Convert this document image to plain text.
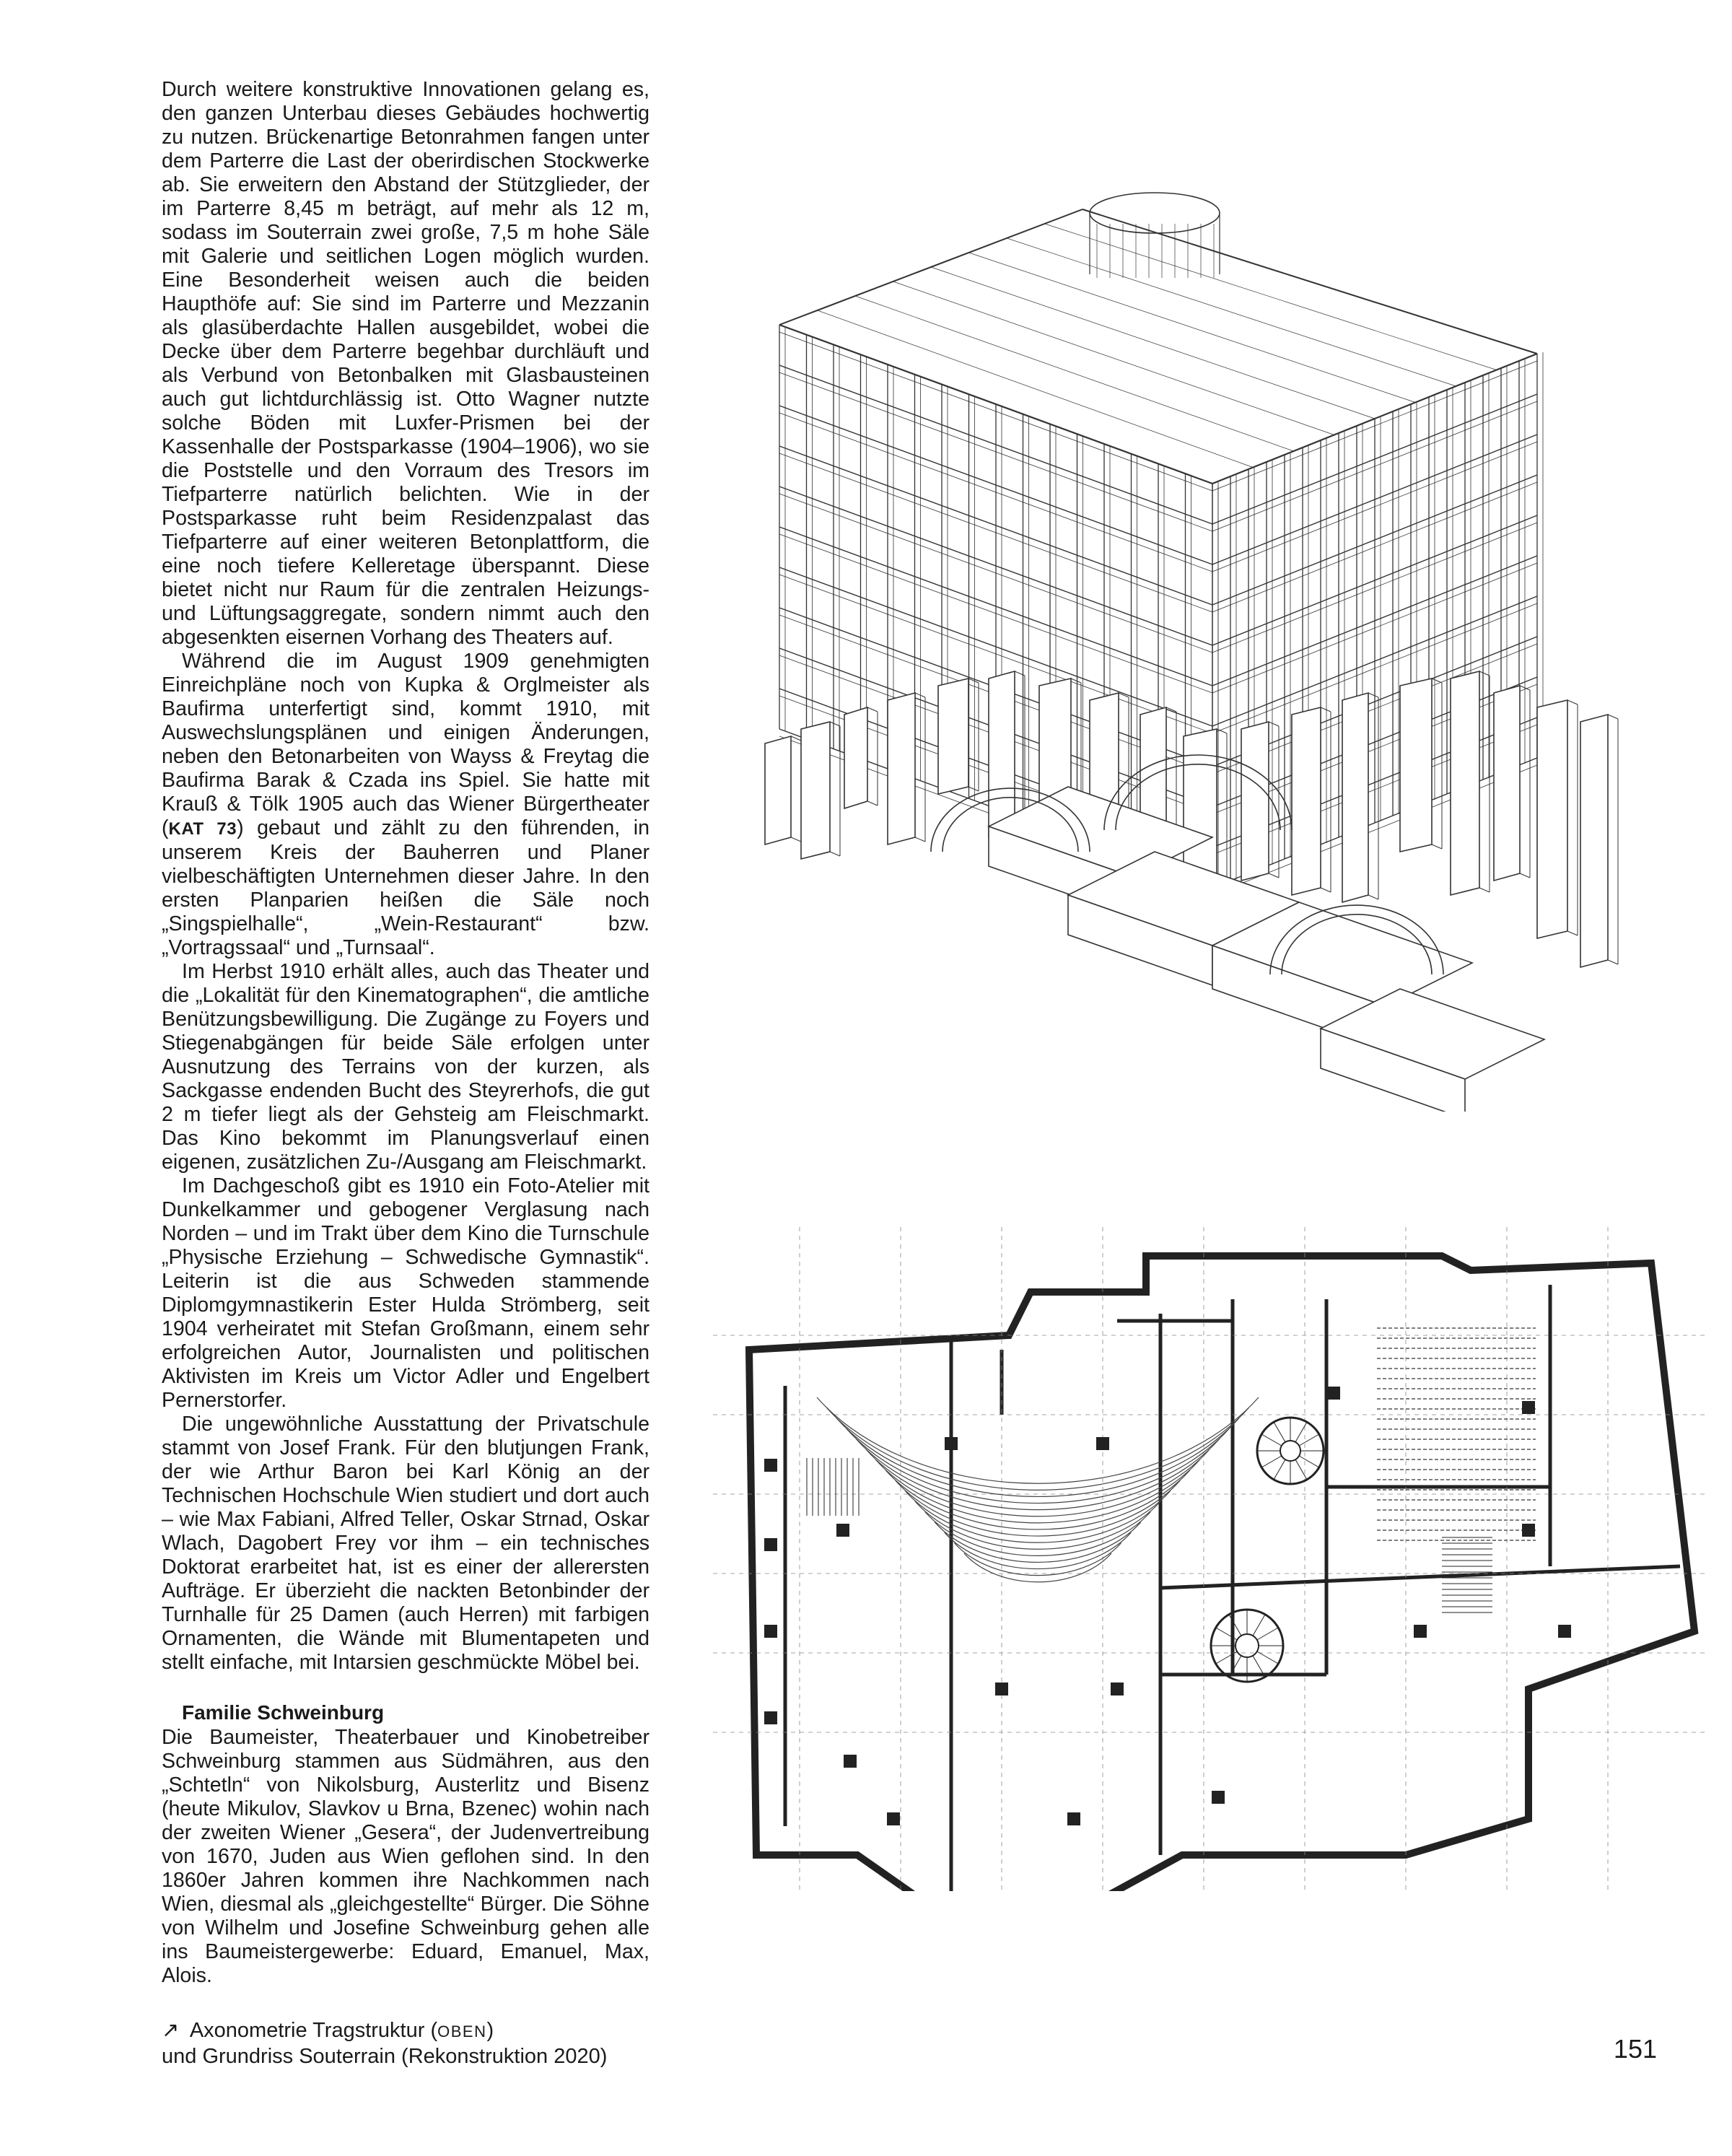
Durch weitere konstruktive Innovationen gelang es, den ganzen Unterbau dieses Gebäudes hochwertig zu nutzen. Brückenartige Betonrahmen fangen unter dem Parterre die Last der oberirdischen Stockwerke ab. Sie erweitern den Abstand der Stützglieder, der im Parterre 8,45 m beträgt, auf mehr als 12 m, sodass im Souterrain zwei große, 7,5 m hohe Säle mit Galerie und seitlichen Logen möglich wurden. Eine Besonderheit weisen auch die beiden Haupthöfe auf: Sie sind im Parterre und Mezzanin als glasüberdachte Hallen ausgebildet, wobei die Decke über dem Parterre begehbar durchläuft und als Verbund von Betonbalken mit Glasbausteinen auch gut lichtdurchlässig ist. Otto Wagner nutzte solche Böden mit Luxfer-Prismen bei der Kassenhalle der Postsparkasse (1904–1906), wo sie die Poststelle und den Vorraum des Tresors im Tiefparterre natürlich belichten. Wie in der Postsparkasse ruht beim Residenzpalast das Tiefparterre auf einer weiteren Betonplattform, die eine noch tiefere Kelleretage überspannt. Diese bietet nicht nur Raum für die zentralen Heizungs- und Lüftungsaggregate, sondern nimmt auch den abgesenkten eisernen Vorhang des Theaters auf.

Während die im August 1909 genehmigten Einreichpläne noch von Kupka & Orglmeister als Baufirma unterfertigt sind, kommt 1910, mit Auswechslungsplänen und einigen Änderungen, neben den Betonarbeiten von Wayss & Freytag die Baufirma Barak & Czada ins Spiel. Sie hatte mit Krauß & Tölk 1905 auch das Wiener Bürgertheater (KAT 73) gebaut und zählt zu den führenden, in unserem Kreis der Bauherren und Planer vielbeschäftigten Unternehmen dieser Jahre. In den ersten Planparien heißen die Säle noch „Singspielhalle“, „Wein-Restaurant“ bzw. „Vortragssaal“ und „Turnsaal“.

Im Herbst 1910 erhält alles, auch das Theater und die „Lokalität für den Kinematographen“, die amtliche Benützungsbewilligung. Die Zugänge zu Foyers und Stiegenabgängen für beide Säle erfolgen unter Ausnutzung des Terrains von der kurzen, als Sackgasse endenden Bucht des Steyrerhofs, die gut 2 m tiefer liegt als der Gehsteig am Fleischmarkt. Das Kino bekommt im Planungsverlauf einen eigenen, zusätzlichen Zu-/Ausgang am Fleischmarkt.

Im Dachgeschoß gibt es 1910 ein Foto-Atelier mit Dunkelkammer und gebogener Verglasung nach Norden – und im Trakt über dem Kino die Turnschule „Physische Erziehung – Schwedische Gymnastik“. Leiterin ist die aus Schweden stammende Diplomgymnastikerin Ester Hulda Strömberg, seit 1904 verheiratet mit Stefan Großmann, einem sehr erfolgreichen Autor, Journalisten und politischen Aktivisten im Kreis um Victor Adler und Engelbert Pernerstorfer.

Die ungewöhnliche Ausstattung der Privatschule stammt von Josef Frank. Für den blutjungen Frank, der wie Arthur Baron bei Karl König an der Technischen Hochschule Wien studiert und dort auch – wie Max Fabiani, Alfred Teller, Oskar Strnad, Oskar Wlach, Dagobert Frey vor ihm – ein technisches Doktorat erarbeitet hat, ist es einer der allerersten Aufträge. Er überzieht die nackten Betonbinder der Turnhalle für 25 Damen (auch Herren) mit farbigen Ornamenten, die Wände mit Blumentapeten und stellt einfache, mit Intarsien geschmückte Möbel bei.

Familie Schweinburg

Die Baumeister, Theaterbauer und Kinobetreiber Schweinburg stammen aus Südmähren, aus den „Schtetln“ von Nikolsburg, Austerlitz und Bisenz (heute Mikulov, Slavkov u Brna, Bzenec) wohin nach der zweiten Wiener „Gesera“, der Judenvertreibung von 1670, Juden aus Wien geflohen sind. In den 1860er Jahren kommen ihre Nachkommen nach Wien, diesmal als „gleichgestellte“ Bürger. Die Söhne von Wilhelm und Josefine Schweinburg gehen alle ins Baumeistergewerbe: Eduard, Emanuel, Max, Alois.

↗ Axonometrie Tragstruktur (OBEN)
und Grundriss Souterrain (Rekonstruktion 2020)	151
